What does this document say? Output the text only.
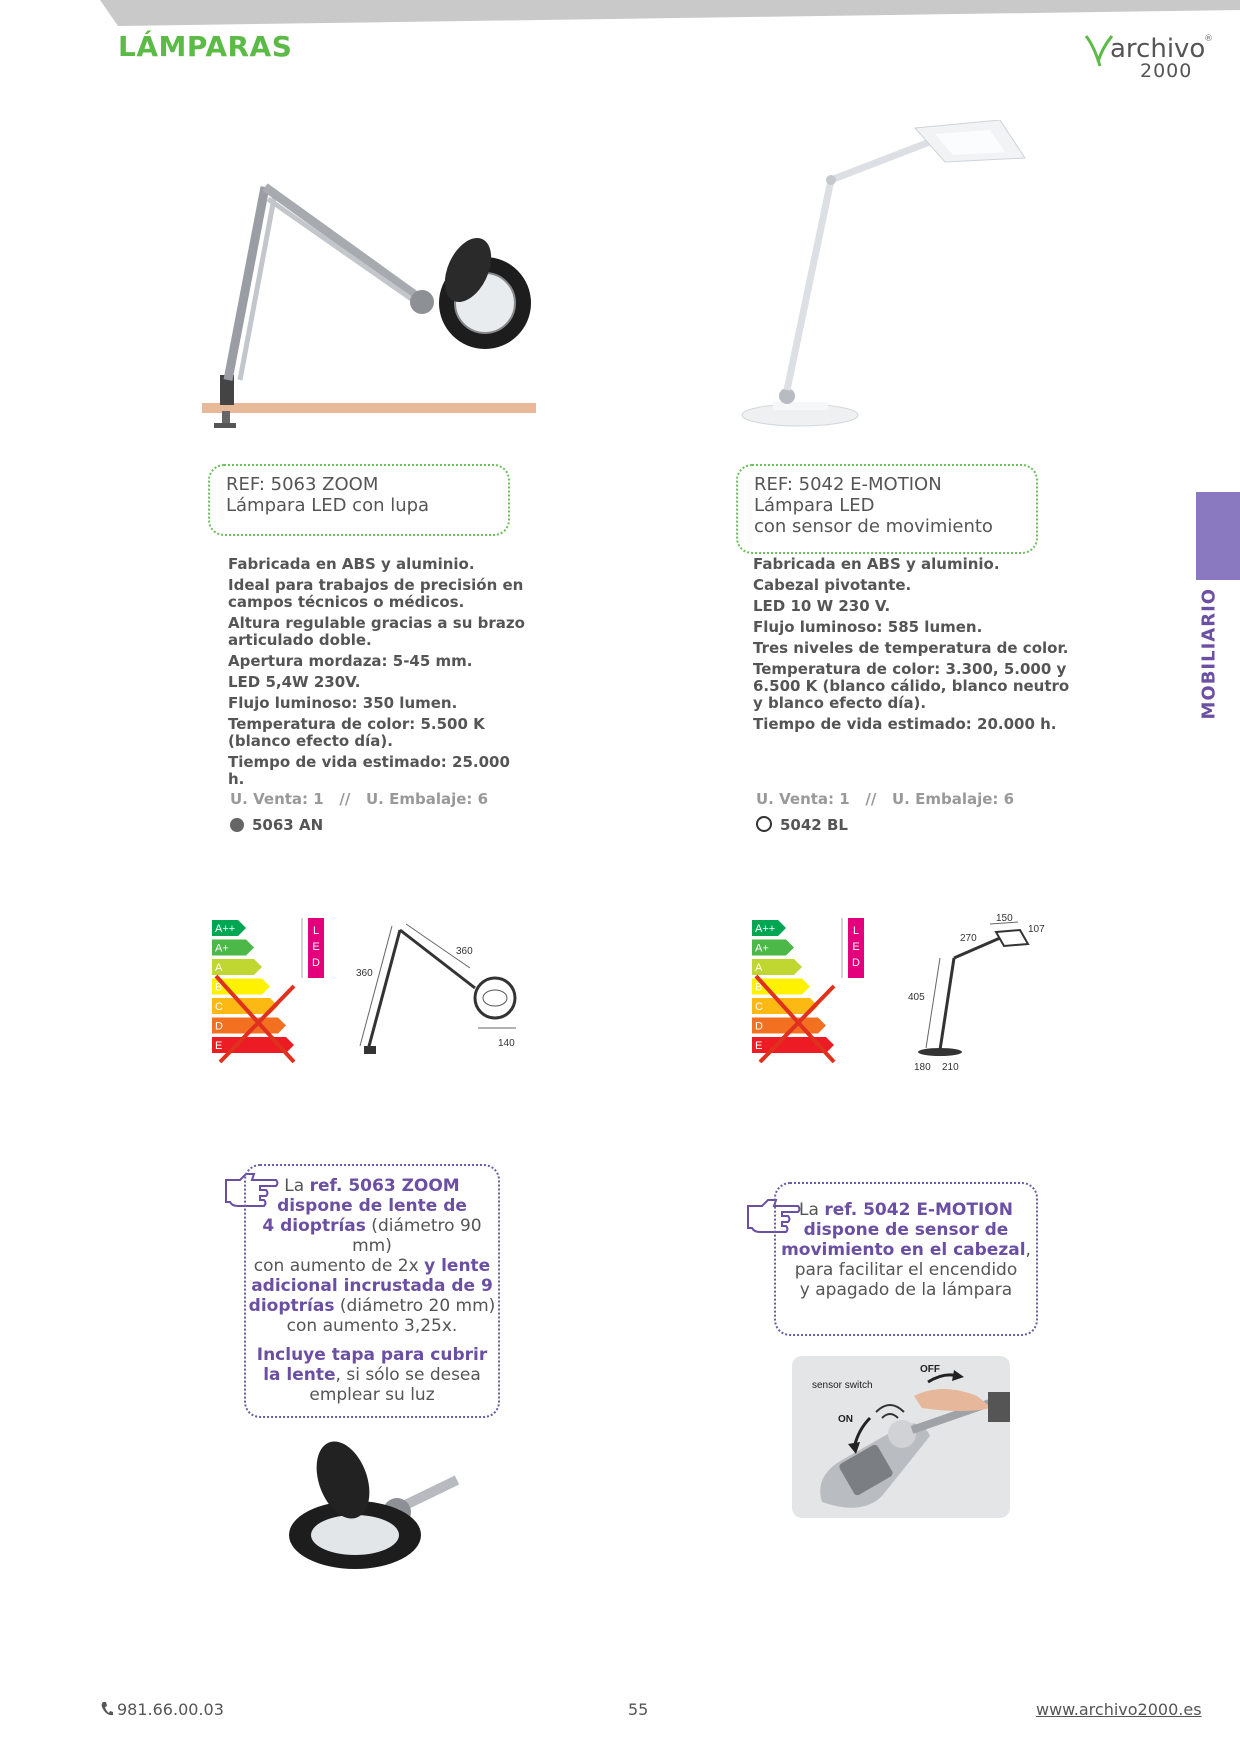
LÁMPARAS	archivo
®
2000
MOBILIARIO
REF: 5063 ZOOM
Lámpara LED con lupa
Fabricada en ABS y aluminio.
Ideal para trabajos de precisión en campos técnicos o médicos.
Altura regulable gracias a su brazo articulado doble.
Apertura mordaza: 5-45 mm.
LED 5,4W 230V.
Flujo luminoso: 350 lumen.
Temperatura de color: 5.500 K (blanco efecto día).
Tiempo de vida estimado: 25.000 h.
U. Venta: 1   //   U. Embalaje: 6
5063 AN
REF: 5042 E-MOTION
Lámpara LED
con sensor de movimiento
Fabricada en ABS y aluminio.
Cabezal pivotante.
LED 10 W 230 V.
Flujo luminoso: 585 lumen.
Tres niveles de temperatura de color.
Temperatura de color: 3.300, 5.000 y 6.500 K (blanco cálido, blanco neutro y blanco efecto día).
Tiempo de vida estimado: 20.000 h.
U. Venta: 1   //   U. Embalaje: 6
5042 BL
A++
A+
A
B
C
D
E
L
E
D
A++
A+
A
B
C
D
E
L
E
D
360
360
140
150
107
270
405
180 210
La ref. 5063 ZOOM
dispone de lente de
4 dioptrías (diámetro 90 mm)
con aumento de 2x y lente
adicional incrustada de 9
dioptrías (diámetro 20 mm)
con aumento 3,25x.
Incluye tapa para cubrir
la lente, si sólo se desea
emplear su luz
La ref. 5042 E-MOTION
dispone de sensor de
movimiento en el cabezal,
para facilitar el encendido
y apagado de la lámpara
OFF
ON
sensor switch
981.66.00.03	55	www.archivo2000.es
